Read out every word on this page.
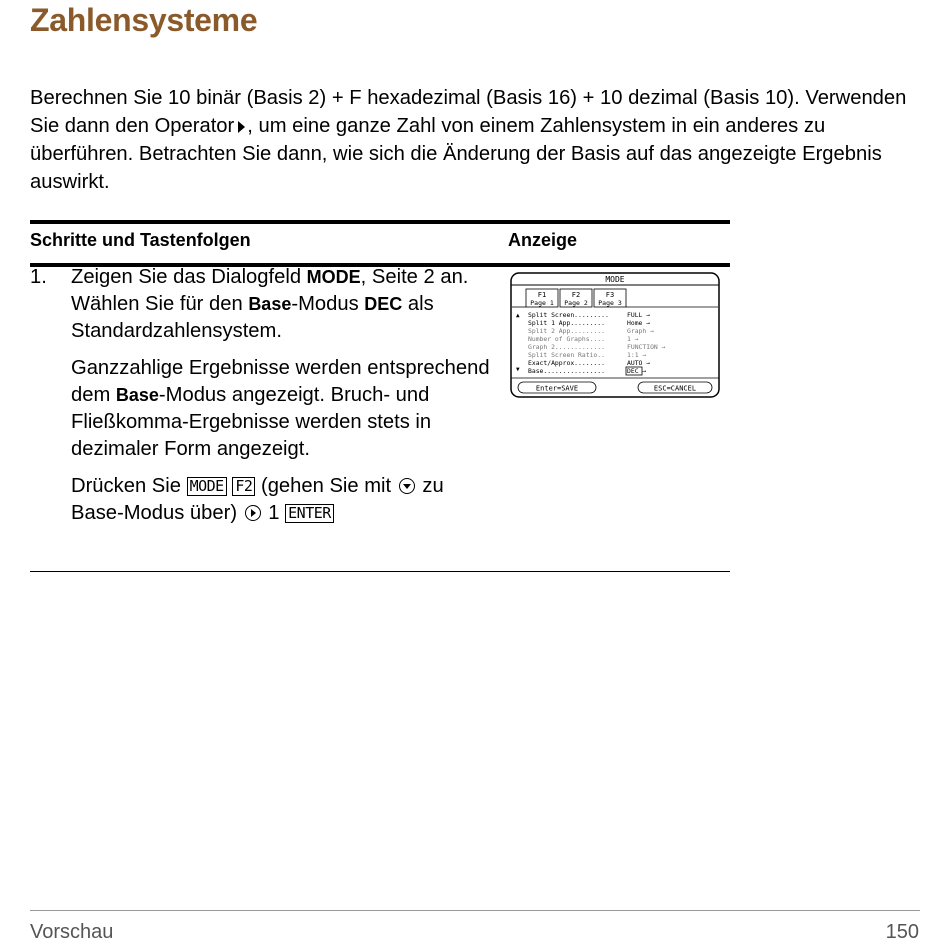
Zahlensysteme

Berechnen Sie 10 binär (Basis 2) + F hexadezimal (Basis 16) + 10 dezimal (Basis 10). Verwenden Sie dann den Operator , um eine ganze Zahl von einem Zahlensystem in ein anderes zu überführen. Betrachten Sie dann, wie sich die Änderung der Basis auf das angezeigte Ergebnis auswirkt.

Schritte und Tastenfolgen	Anzeige
1. Zeigen Sie das Dialogfeld MODE, Seite 2 an. Wählen Sie für den Base-Modus DEC als Standardzahlensystem.

Ganzzahlige Ergebnisse werden entsprechend dem Base-Modus angezeigt. Bruch- und Fließkomma-Ergebnisse werden stets in dezimaler Form angezeigt.

Drücken Sie MODE F2 (gehen Sie mit  zu Base-Modus über)  1 ENTER

MODE
F1
Page 1
F2
Page 2
F3
Page 3
▲
▼
Split Screen.........	FULL →
Split 1 App.........	Home →
Split 2 App.........	Graph →
Number of Graphs....	1 →
Graph 2.............	FUNCTION →
Split Screen Ratio..	1:1 →
Exact/Approx........	AUTO →
Base................	DEC →
Enter=SAVE	ESC=CANCEL
Vorschau	150
